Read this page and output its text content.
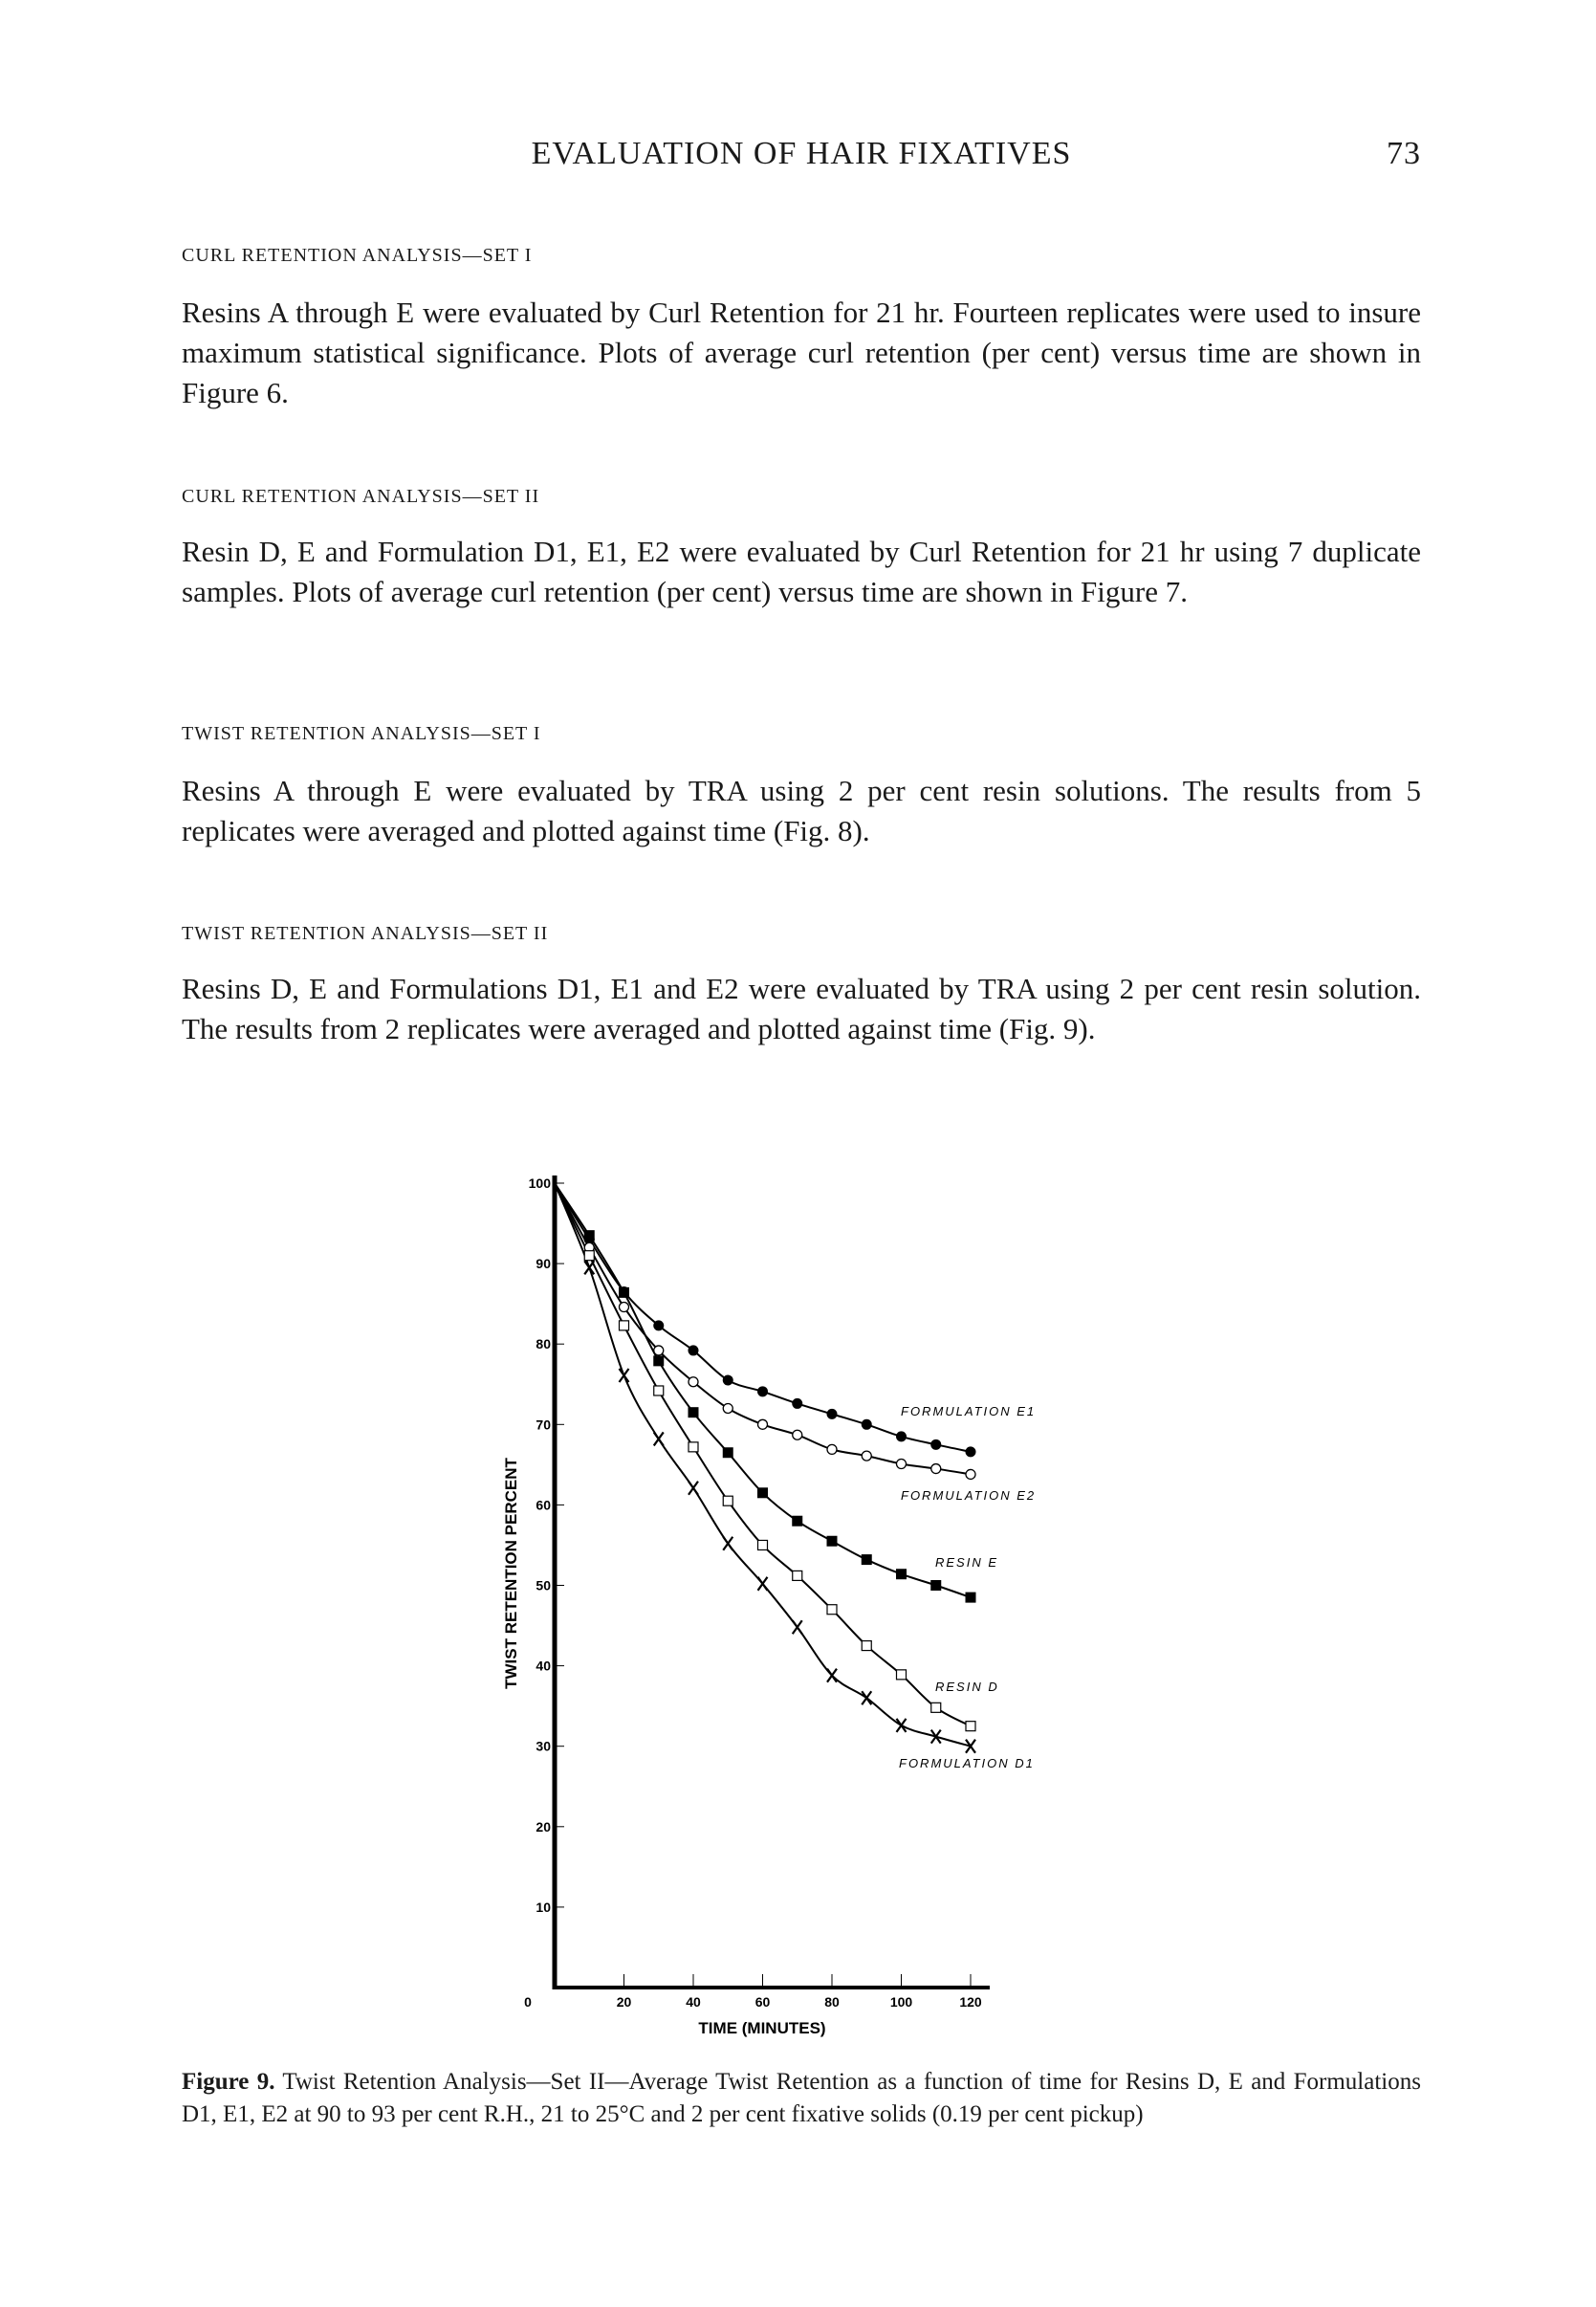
EVALUATION OF HAIR FIXATIVES	73
CURL RETENTION ANALYSIS—SET I
Resins A through E were evaluated by Curl Retention for 21 hr. Fourteen replicates were used to insure maximum statistical significance. Plots of average curl retention (per cent) versus time are shown in Figure 6.
CURL RETENTION ANALYSIS—SET II
Resin D, E and Formulation D1, E1, E2 were evaluated by Curl Retention for 21 hr using 7 duplicate samples. Plots of average curl retention (per cent) versus time are shown in Figure 7.
TWIST RETENTION ANALYSIS—SET I
Resins A through E were evaluated by TRA using 2 per cent resin solutions. The results from 5 replicates were averaged and plotted against time (Fig. 8).
TWIST RETENTION ANALYSIS—SET II
Resins D, E and Formulations D1, E1 and E2 were evaluated by TRA using 2 per cent resin solution. The results from 2 replicates were averaged and plotted against time (Fig. 9).
10
20
30
40
50
60
70
80
90
100
0	20	40	60	80	100	120
TIME (MINUTES)
TWIST RETENTION PERCENT
FORMULATION E1
FORMULATION E2
RESIN E
RESIN D
FORMULATION D1
Figure 9. Twist Retention Analysis—Set II—Average Twist Retention as a function of time for Resins D, E and Formulations D1, E1, E2 at 90 to 93 per cent R.H., 21 to 25°C and 2 per cent fixative solids (0.19 per cent pickup)
